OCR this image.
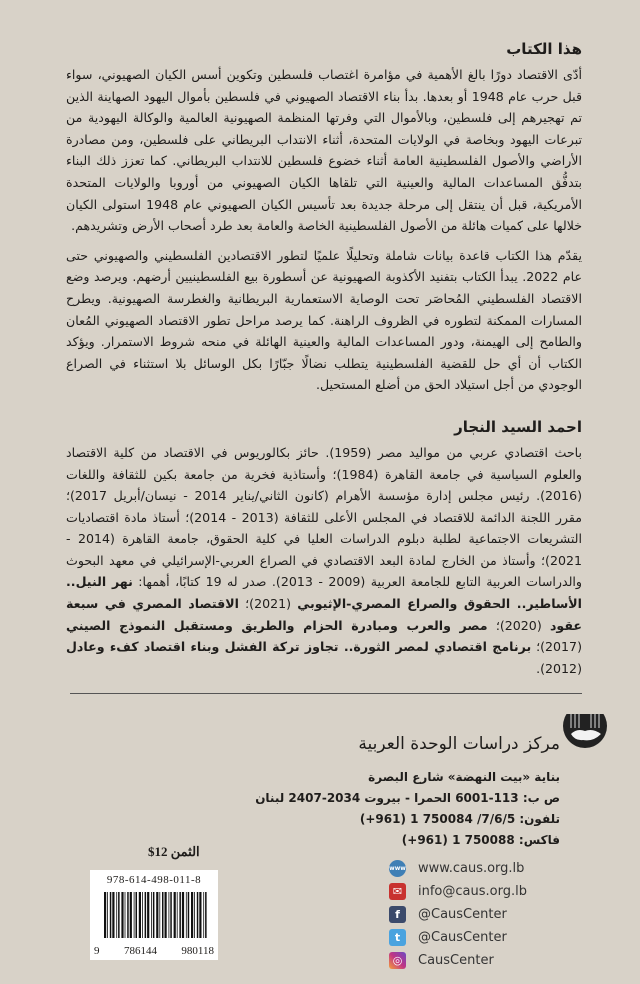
هذا الكتاب

أدّى الاقتصاد دورًا بالغ الأهمية في مؤامرة اغتصاب فلسطين وتكوين أسس الكيان الصهيوني، سواء قبل حرب عام 1948 أو بعدها. بدأ بناء الاقتصاد الصهيوني في فلسطين بأموال اليهود الصهاينة الذين تم تهجيرهم إلى فلسطين، وبالأموال التي وفرتها المنظمة الصهيونية العالمية والوكالة اليهودية من تبرعات اليهود وبخاصة في الولايات المتحدة، أثناء الانتداب البريطاني على فلسطين، ومن مصادرة الأراضي والأصول الفلسطينية العامة أثناء خضوع فلسطين للانتداب البريطاني. كما تعزز ذلك البناء بتدفُّق المساعدات المالية والعينية التي تلقاها الكيان الصهيوني من أوروبا والولايات المتحدة الأمريكية، قبل أن ينتقل إلى مرحلة جديدة بعد تأسيس الكيان الصهيوني عام 1948 استولى الكيان خلالها على كميات هائلة من الأصول الفلسطينية الخاصة والعامة بعد طرد أصحاب الأرض وتشريدهم.

يقدّم هذا الكتاب قاعدة بيانات شاملة وتحليلًا علميًا لتطور الاقتصادين الفلسطيني والصهيوني حتى عام 2022. يبدأ الكتاب بتفنيد الأكذوبة الصهيونية عن أسطورة بيع الفلسطينيين أرضهم. ويرصد وضع الاقتصاد الفلسطيني المُحاصَر تحت الوصاية الاستعمارية البريطانية والغطرسة الصهيونية. ويطرح المسارات الممكنة لتطوره في الظروف الراهنة. كما يرصد مراحل تطور الاقتصاد الصهيوني المُعان والطامح إلى الهيمنة، ودور المساعدات المالية والعينية الهائلة في منحه شروط الاستمرار. ويؤكد الكتاب أن أي حل للقضية الفلسطينية يتطلب نضالًا جبّارًا بكل الوسائل بلا استثناء في الصراع الوجودي من أجل استيلاد الحق من أضلع المستحيل.

احمد السيد النجار

باحث اقتصادي عربي من مواليد مصر (1959). حائز بكالوريوس في الاقتصاد من كلية الاقتصاد والعلوم السياسية في جامعة القاهرة (1984)؛ وأستاذية فخرية من جامعة بكين للثقافة واللغات (2016). رئيس مجلس إدارة مؤسسة الأهرام (كانون الثاني/يناير 2014 - نيسان/أبريل 2017)؛ مقرر اللجنة الدائمة للاقتصاد في المجلس الأعلى للثقافة (2013 - 2014)؛ أستاذ مادة اقتصاديات التشريعات الاجتماعية لطلبة دبلوم الدراسات العليا في كلية الحقوق، جامعة القاهرة (2014 - 2021)؛ وأستاذ من الخارج لمادة البعد الاقتصادي في الصراع العربي-الإسرائيلي في معهد البحوث والدراسات العربية التابع للجامعة العربية (2009 - 2013). صدر له 19 كتابًا، أهمها: نهر النيل.. الأساطير.. الحقوق والصراع المصري-الإثيوبي (2021)؛ الاقتصاد المصري في سبعة عقود (2020)؛ مصر والعرب ومبادرة الحزام والطريق ومستقبل النموذج الصيني (2017)؛ برنامج اقتصادي لمصر الثورة.. تجاوز تركة الفشل وبناء اقتصاد كفء وعادل (2012).

مركز دراسات الوحدة العربية
بناية «بيت النهضة» شارع البصرة
ص ب: 113-6001 الحمرا - بيروت 2034-2407 لبنان
تلفون: 7/6/5/ 750084 1 (961+)
فاكس: 750088 1 (961+)
www www.caus.org.lb
✉ info@caus.org.lb
f	@CausCenter
t	@CausCenter
◎ CausCenter
الثمن 12$
978-614-498-011-8
9 786144 980118
